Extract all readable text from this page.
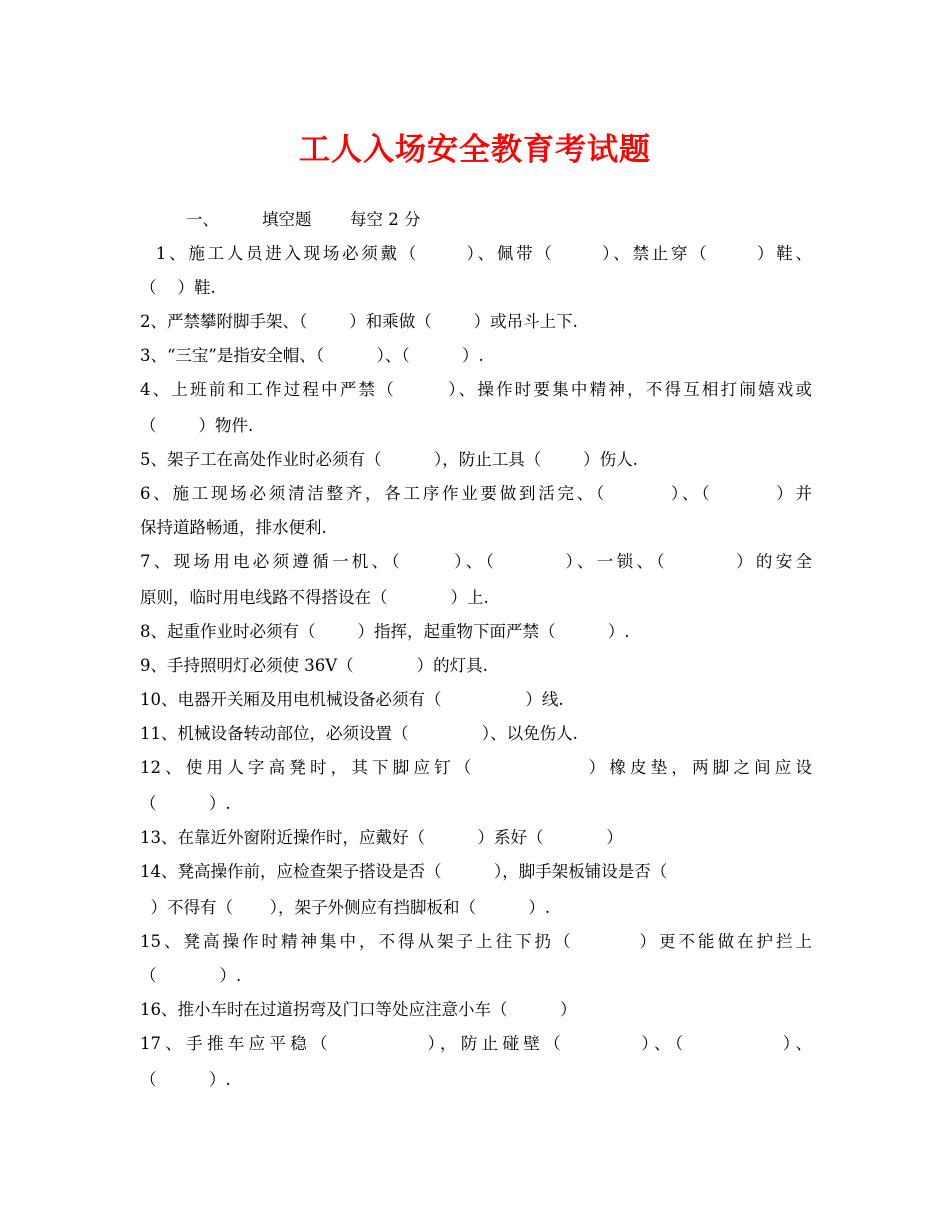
工人入场安全教育考试题
一、	填空题 每空 2 分
1、施工人员进入现场必须戴（      ）、佩带（      ）、禁止穿（      ）鞋、
（    ）鞋.
2、严禁攀附脚手架、（        ）和乘做（        ）或吊斗上下.
3、“三宝”是指安全帽、（          ）、（          ）.
4、上班前和工作过程中严禁（       ）、操作时要集中精神，不得互相打闹嬉戏或
（        ）物件.
5、架子工在高处作业时必须有（          ），防止工具（        ）伤人.
6、施工现场必须清洁整齐，各工序作业要做到活完、（        ）、（        ）并
保持道路畅通，排水便利.
7、现场用电必须遵循一机、（      ）、（        ）、一锁、（        ）的安全
原则，临时用电线路不得搭设在（            ）上.
8、起重作业时必须有（        ）指挥，起重物下面严禁（          ）.
9、手持照明灯必须使 36V（            ）的灯具.
10、电器开关厢及用电机械设备必须有（                ）线.
11、机械设备转动部位，必须设置（              ）、以免伤人.
12、使用人字高凳时，其下脚应钉（            ）橡皮垫，两脚之间应设
（          ）.
13、在靠近外窗附近操作时，应戴好（          ）系好（            ）
14、凳高操作前，应检查架子搭设是否（          ），脚手架板铺设是否（
）不得有（       ），架子外侧应有挡脚板和（          ）.
15、凳高操作时精神集中，不得从架子上往下扔（        ）更不能做在护拦上
（            ）.
16、推小车时在过道拐弯及门口等处应注意小车（          ）
17、手推车应平稳（          ），防止碰壁（        ）、（          ）、
（          ）.
